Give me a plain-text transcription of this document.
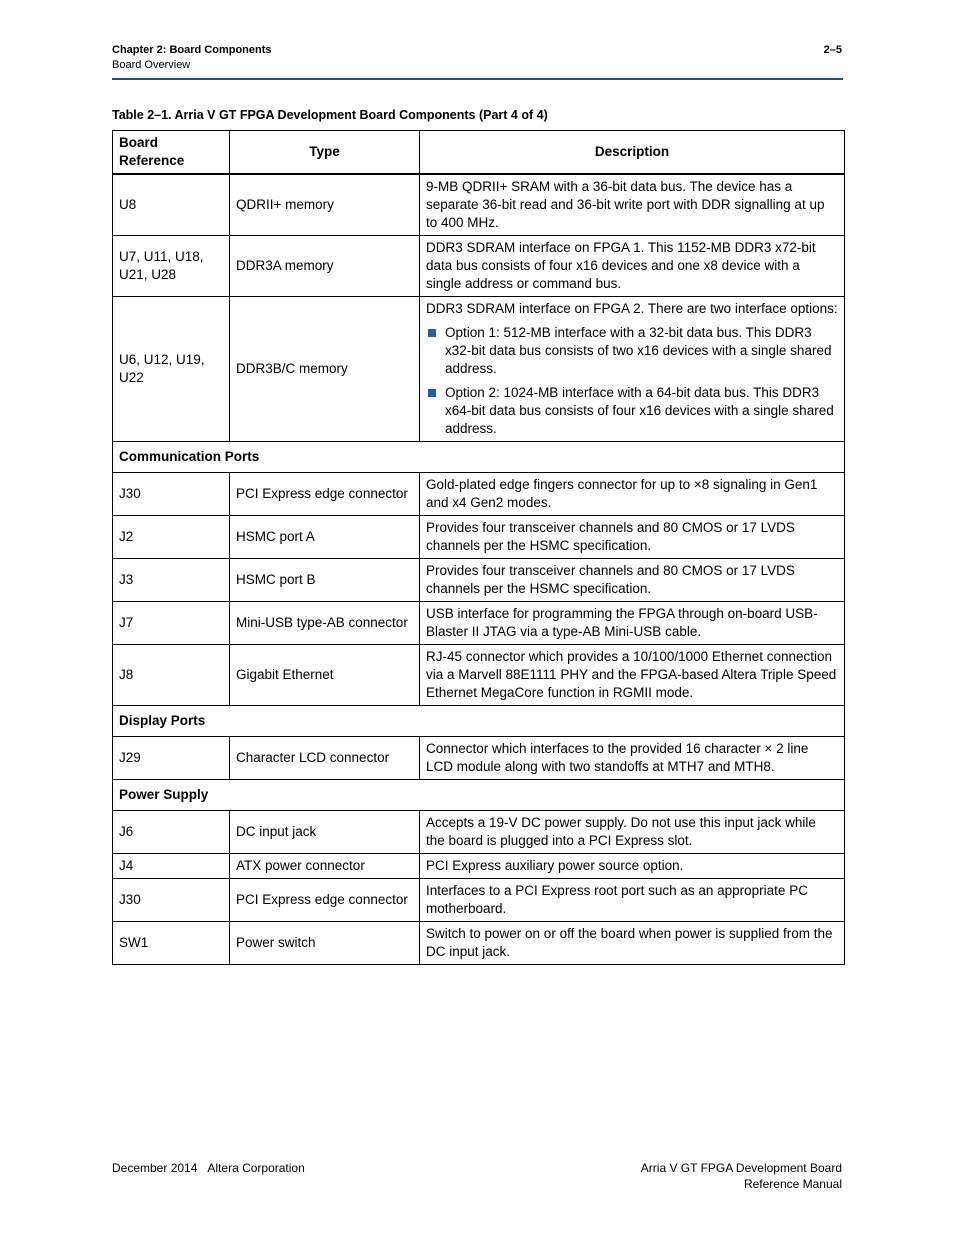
Chapter 2: Board Components
Board Overview
2–5
Table 2–1. Arria V GT FPGA Development Board Components (Part 4 of 4)
Board Reference	Type	Description
U8	QDRII+ memory	9-MB QDRII+ SRAM with a 36-bit data bus. The device has a separate 36-bit read and 36-bit write port with DDR signalling at up to 400 MHz.
U7, U11, U18, U21, U28	DDR3A memory	DDR3 SDRAM interface on FPGA 1. This 1152-MB DDR3 x72-bit data bus consists of four x16 devices and one x8 device with a single address or command bus.
U6, U12, U19, U22	DDR3B/C memory	DDR3 SDRAM interface on FPGA 2. There are two interface options:
Option 1: 512-MB interface with a 32-bit data bus. This DDR3 x32-bit data bus consists of two x16 devices with a single shared address.
Option 2: 1024-MB interface with a 64-bit data bus. This DDR3 x64-bit data bus consists of four x16 devices with a single shared address.

Communication Ports		
J30	PCI Express edge connector	Gold-plated edge fingers connector for up to ×8 signaling in Gen1 and x4 Gen2 modes.
J2	HSMC port A	Provides four transceiver channels and 80 CMOS or 17 LVDS channels per the HSMC specification.
J3	HSMC port B	Provides four transceiver channels and 80 CMOS or 17 LVDS channels per the HSMC specification.
J7	Mini-USB type-AB connector	USB interface for programming the FPGA through on-board USB-Blaster II JTAG via a type-AB Mini-USB cable.
J8	Gigabit Ethernet	RJ-45 connector which provides a 10/100/1000 Ethernet connection via a Marvell 88E1111 PHY and the FPGA-based Altera Triple Speed Ethernet MegaCore function in RGMII mode.
Display Ports		
J29	Character LCD connector	Connector which interfaces to the provided 16 character × 2 line LCD module along with two standoffs at MTH7 and MTH8.
Power Supply		
J6	DC input jack	Accepts a 19-V DC power supply. Do not use this input jack while the board is plugged into a PCI Express slot.
J4	ATX power connector	PCI Express auxiliary power source option.
J30	PCI Express edge connector	Interfaces to a PCI Express root port such as an appropriate PC motherboard.
SW1	Power switch	Switch to power on or off the board when power is supplied from the DC input jack.
December 2014 Altera Corporation	Arria V GT FPGA Development Board
Reference Manual
